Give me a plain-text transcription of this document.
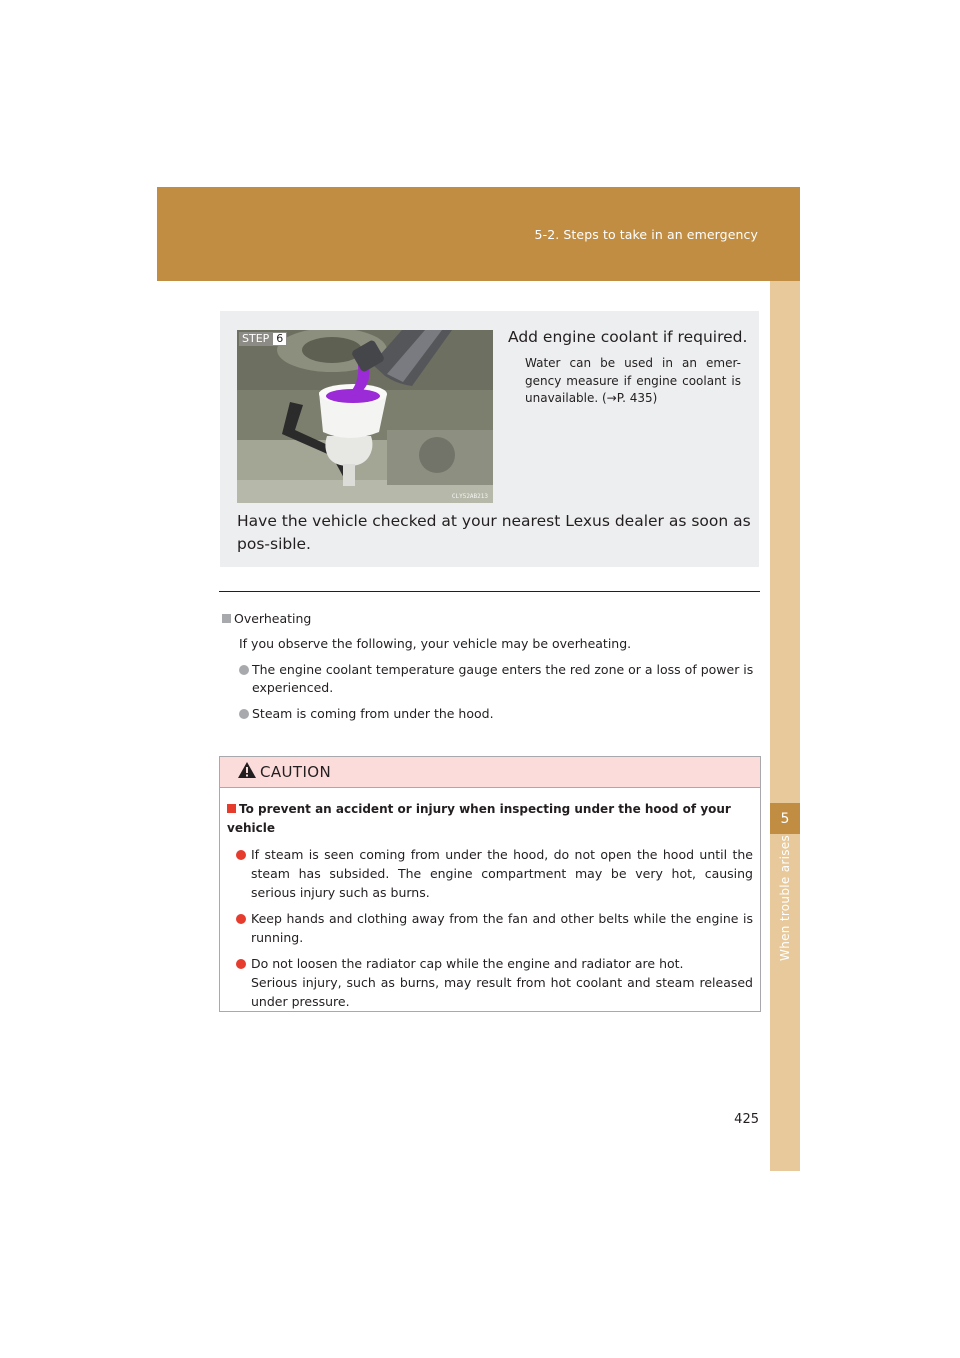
5-2. Steps to take in an emergency
5
When trouble arises
STEP 6
CLY52AB213
Add engine coolant if required.
Water can be used in an emer-gency measure if engine coolant is unavailable. (→P. 435)
Have the vehicle checked at your nearest Lexus dealer as soon as pos-sible.
Overheating
If you observe the following, your vehicle may be overheating.
The engine coolant temperature gauge enters the red zone or a loss of power is experienced.
Steam is coming from under the hood.
CAUTION
To prevent an accident or injury when inspecting under the hood of your vehicle
If steam is seen coming from under the hood, do not open the hood until the steam has subsided. The engine compartment may be very hot, causing serious injury such as burns.
Keep hands and clothing away from the fan and other belts while the engine is running.
Do not loosen the radiator cap while the engine and radiator are hot.
Serious injury, such as burns, may result from hot coolant and steam released under pressure.
425
